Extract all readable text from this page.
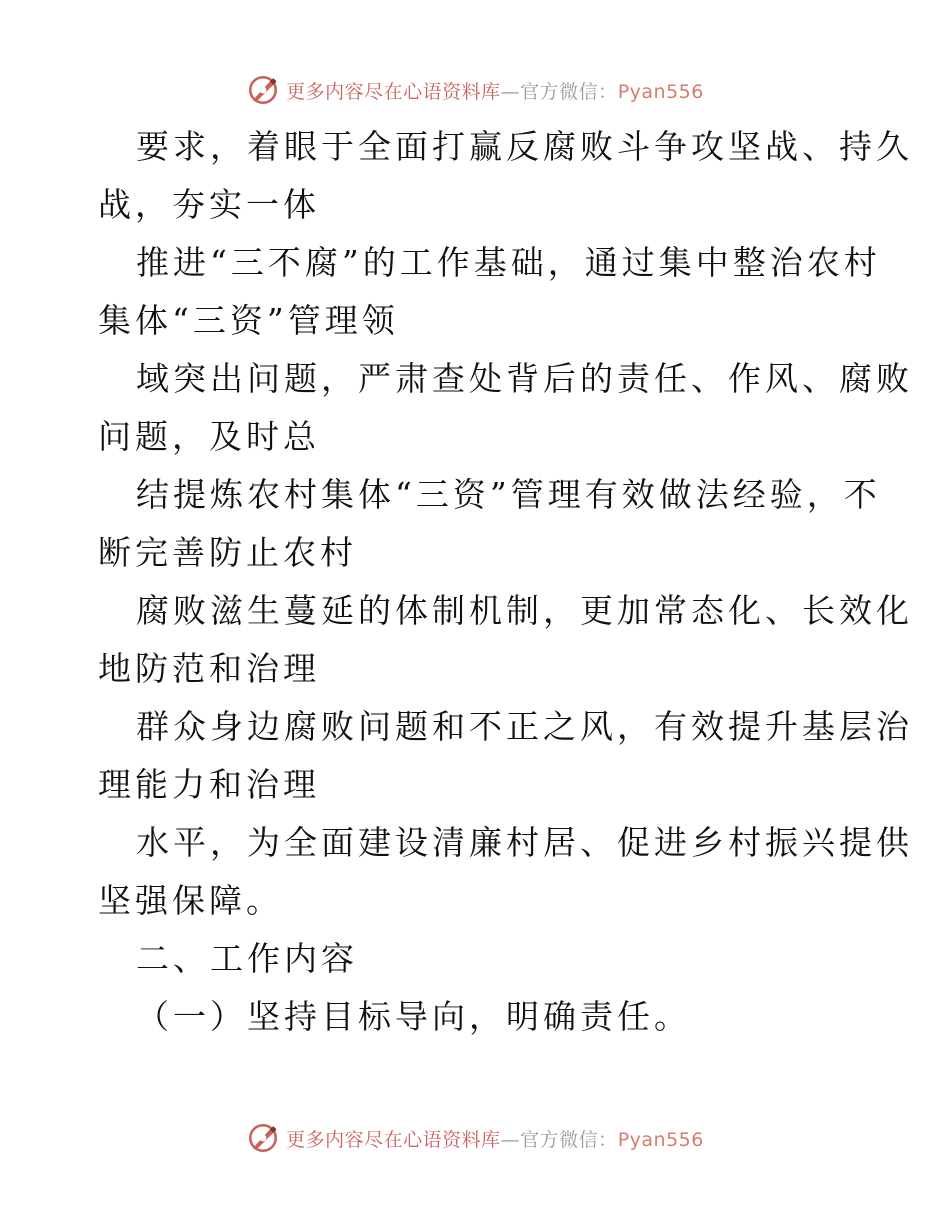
更多内容尽在心语资料库—官方微信：Pyan556

要求，着眼于全面打赢反腐败斗争攻坚战、持久

战，夯实一体

推进“三不腐”的工作基础，通过集中整治农村

集体“三资”管理领

域突出问题，严肃查处背后的责任、作风、腐败

问题，及时总

结提炼农村集体“三资”管理有效做法经验，不

断完善防止农村

腐败滋生蔓延的体制机制，更加常态化、长效化

地防范和治理

群众身边腐败问题和不正之风，有效提升基层治

理能力和治理

水平，为全面建设清廉村居、促进乡村振兴提供

坚强保障。

二、工作内容

（一）坚持目标导向，明确责任。

更多内容尽在心语资料库—官方微信：Pyan556
